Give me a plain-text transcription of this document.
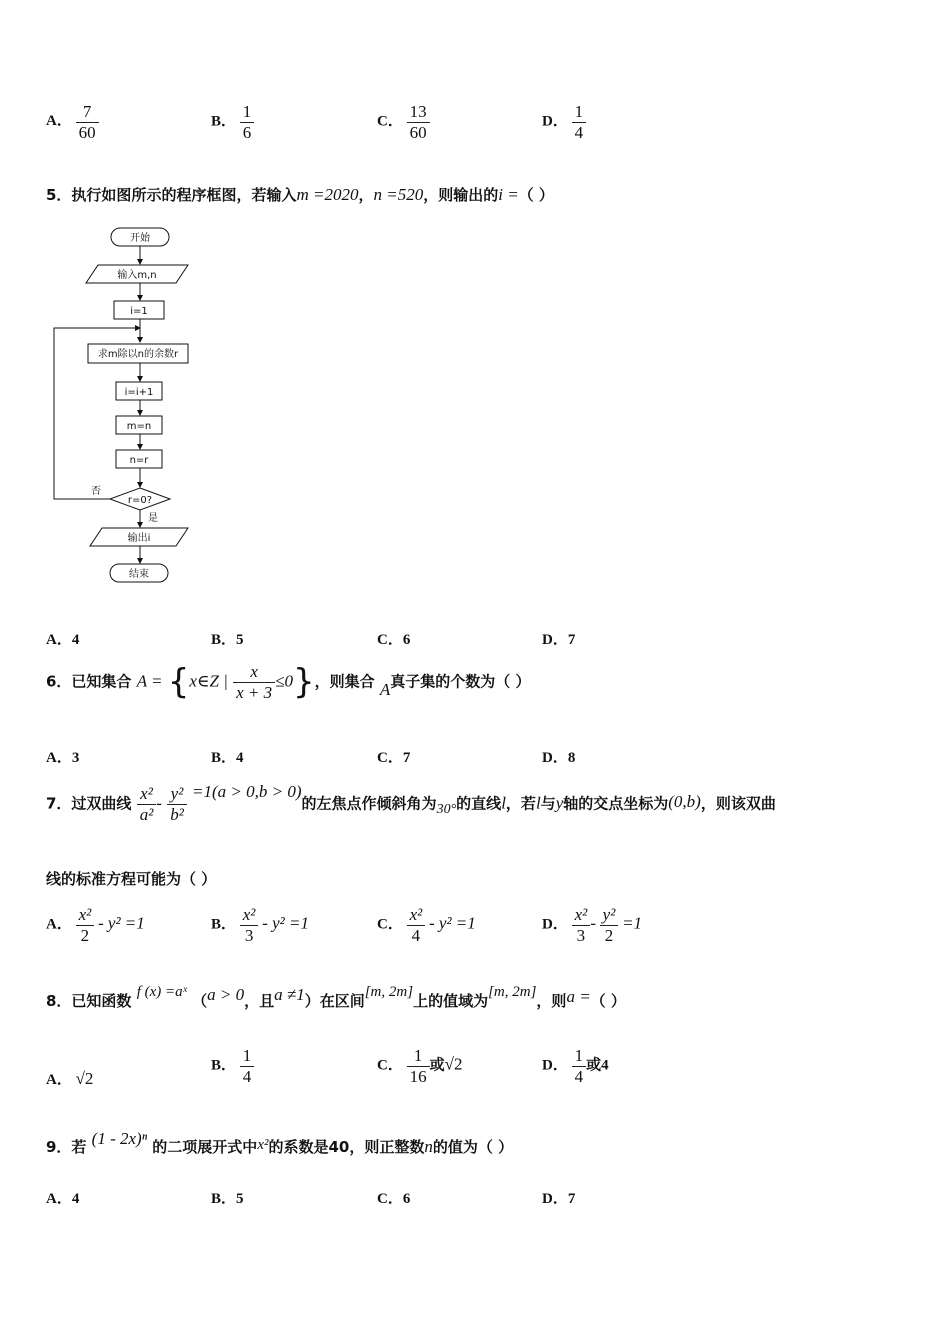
A． $\frac{7}{60}$	B． $\frac{1}{6}$	C． $\frac{13}{60}$	D． $\frac{1}{4}$
5．执行如图所示的程序框图，若输入m =2020，n =520，则输出的i =（ ）
开始
输入m,n
i=1
求m除以n的余数r
i=i+1
m=n
n=r
r=0?
否
是
输出i
结束
A．4	B．5	C．6	D．7
6．已知集合 A = {x∈Z | $\frac{x}{x + 3} \le 0$}，则集合 A真子集的个数为（ ）
A．3	B．4	C．7	D．8
7．过双曲线 $\frac{\text{x²}}{\text{a²}} - \frac{\text{y²}}{\text{b²}} =1(a > 0,b > 0)$的左焦点作倾斜角为30°的直线l，若l与y轴的交点坐标为(0,b)，则该双曲
线的标准方程可能为（ ）
A． $\frac{\text{x²}}{2} - y^2 =1$	B． $\frac{\text{x²}}{3} - y^2 =1$	C． $\frac{\text{x²}}{4} - y^2 =1$	D． $\frac{\text{x²}}{3} - \frac{\text{y²}}{2} =1$
8．已知函数 f (x) =aˣ （a > 0，且a ≠1）在区间[m, 2m]上的值域为[m, 2m]，则a =（ ）
A． √2
B． $\frac{1}{4}$	C． $\frac{1}{16}$ 或√2	D． $\frac{1}{4}$ 或4
9．若 (1 - 2x)ⁿ 的二项展开式中x²的系数是40，则正整数n的值为（ ）
A．4	B．5	C．6	D．7
